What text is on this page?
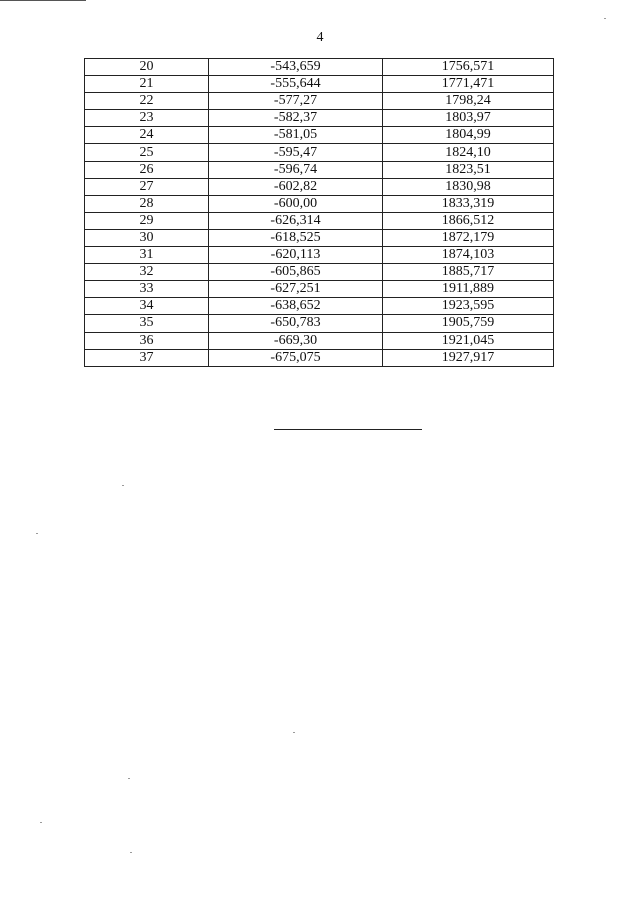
4
20	-543,659	1756,571
21	-555,644	1771,471
22	-577,27	1798,24
23	-582,37	1803,97
24	-581,05	1804,99
25	-595,47	1824,10
26	-596,74	1823,51
27	-602,82	1830,98
28	-600,00	1833,319
29	-626,314	1866,512
30	-618,525	1872,179
31	-620,113	1874,103
32	-605,865	1885,717
33	-627,251	1911,889
34	-638,652	1923,595
35	-650,783	1905,759
36	-669,30	1921,045
37	-675,075	1927,917
